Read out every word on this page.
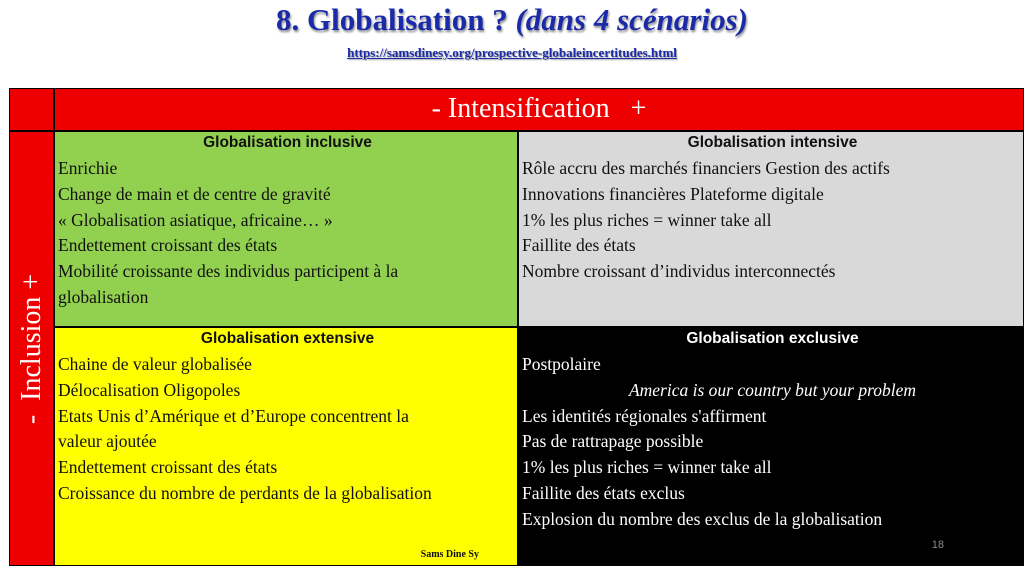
8. Globalisation ? (dans 4 scénarios)
https://samsdinesy.org/prospective-globaleincertitudes.html
- Intensification   +
-  Inclusion +
Globalisation inclusive
Enrichie
Change de main et de centre de gravité
« Globalisation asiatique, africaine… »
Endettement croissant des états
Mobilité croissante des individus participent à la
globalisation
Globalisation intensive
Rôle accru des marchés financiers Gestion des actifs
Innovations financières Plateforme digitale
1% les plus riches = winner take all
Faillite des états
Nombre croissant d’individus interconnectés
Globalisation extensive
Chaine de valeur globalisée
Délocalisation Oligopoles
Etats Unis d’Amérique et d’Europe concentrent la
valeur ajoutée
Endettement croissant des états
Croissance du nombre de perdants de la globalisation
Sams Dine Sy
Globalisation exclusive
Postpolaire
America is our country but your problem
Les identités régionales s'affirment
Pas de rattrapage possible
1% les plus riches = winner take all
Faillite des états exclus
Explosion du nombre des exclus de la globalisation
18
